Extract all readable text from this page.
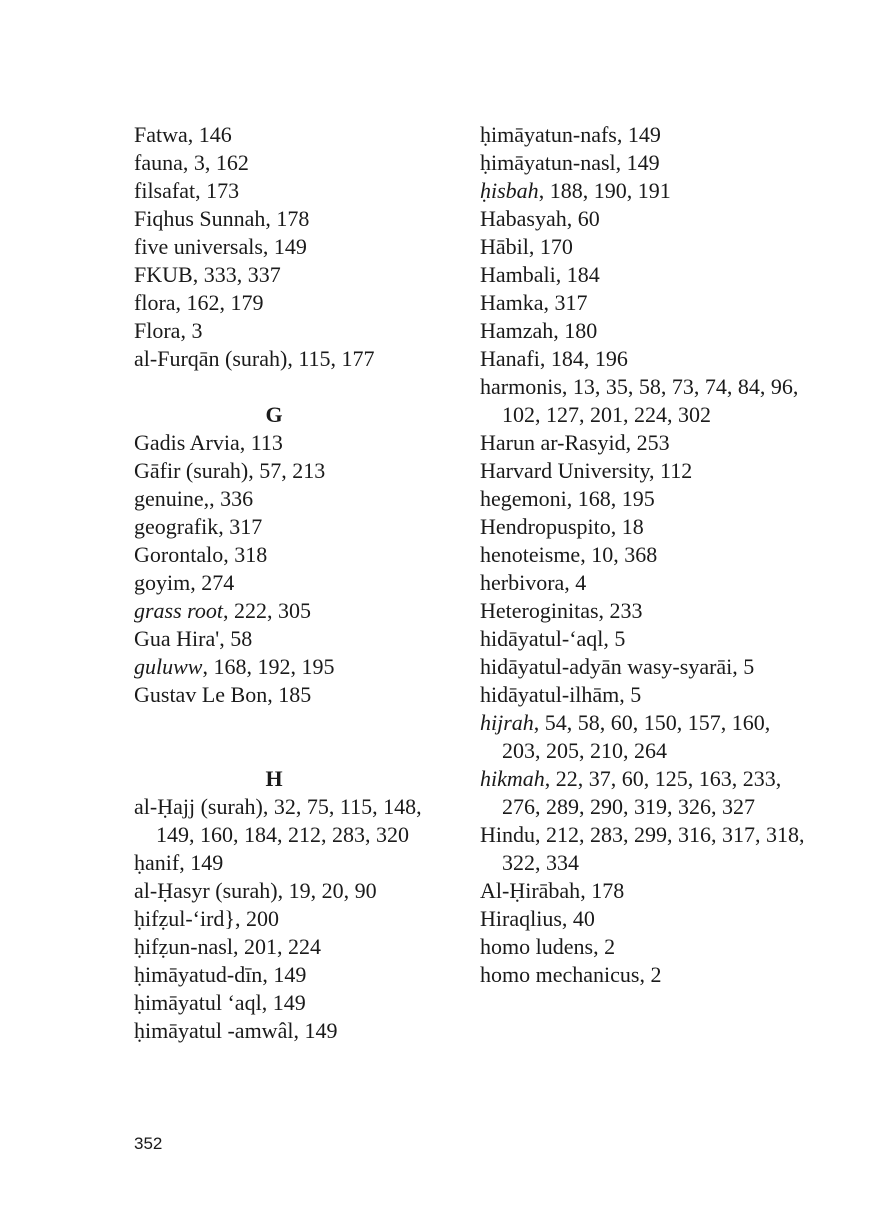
Fatwa, 146
fauna, 3, 162
filsafat, 173
Fiqhus Sunnah, 178
five universals, 149
FKUB, 333, 337
flora, 162, 179
Flora, 3
al-Furqān (surah), 115, 177
G
Gadis Arvia, 113
Gāfir (surah), 57, 213
genuine,, 336
geografik, 317
Gorontalo, 318
goyim, 274
grass root, 222, 305
Gua Hira', 58
guluww, 168, 192, 195
Gustav Le Bon, 185
H
al-Ḥajj (surah), 32, 75, 115, 148, 149, 160, 184, 212, 283, 320
ḥanif, 149
al-Ḥasyr (surah), 19, 20, 90
ḥifẓul-‘ird}, 200
ḥifẓun-nasl, 201, 224
ḥimāyatud-dīn, 149
ḥimāyatul ‘aql, 149
ḥimāyatul -amwâl, 149
ḥimāyatun-nafs, 149
ḥimāyatun-nasl, 149
ḥisbah, 188, 190, 191
Habasyah, 60
Hābil, 170
Hambali, 184
Hamka, 317
Hamzah, 180
Hanafi, 184, 196
harmonis, 13, 35, 58, 73, 74, 84, 96, 102, 127, 201, 224, 302
Harun ar-Rasyid, 253
Harvard University, 112
hegemoni, 168, 195
Hendropuspito, 18
henoteisme, 10, 368
herbivora, 4
Heteroginitas, 233
hidāyatul-‘aql, 5
hidāyatul-adyān wasy-syarāi, 5
hidāyatul-ilhām, 5
hijrah, 54, 58, 60, 150, 157, 160, 203, 205, 210, 264
hikmah, 22, 37, 60, 125, 163, 233, 276, 289, 290, 319, 326, 327
Hindu, 212, 283, 299, 316, 317, 318, 322, 334
Al-Ḥirābah, 178
Hiraqlius, 40
homo ludens, 2
homo mechanicus, 2
352
